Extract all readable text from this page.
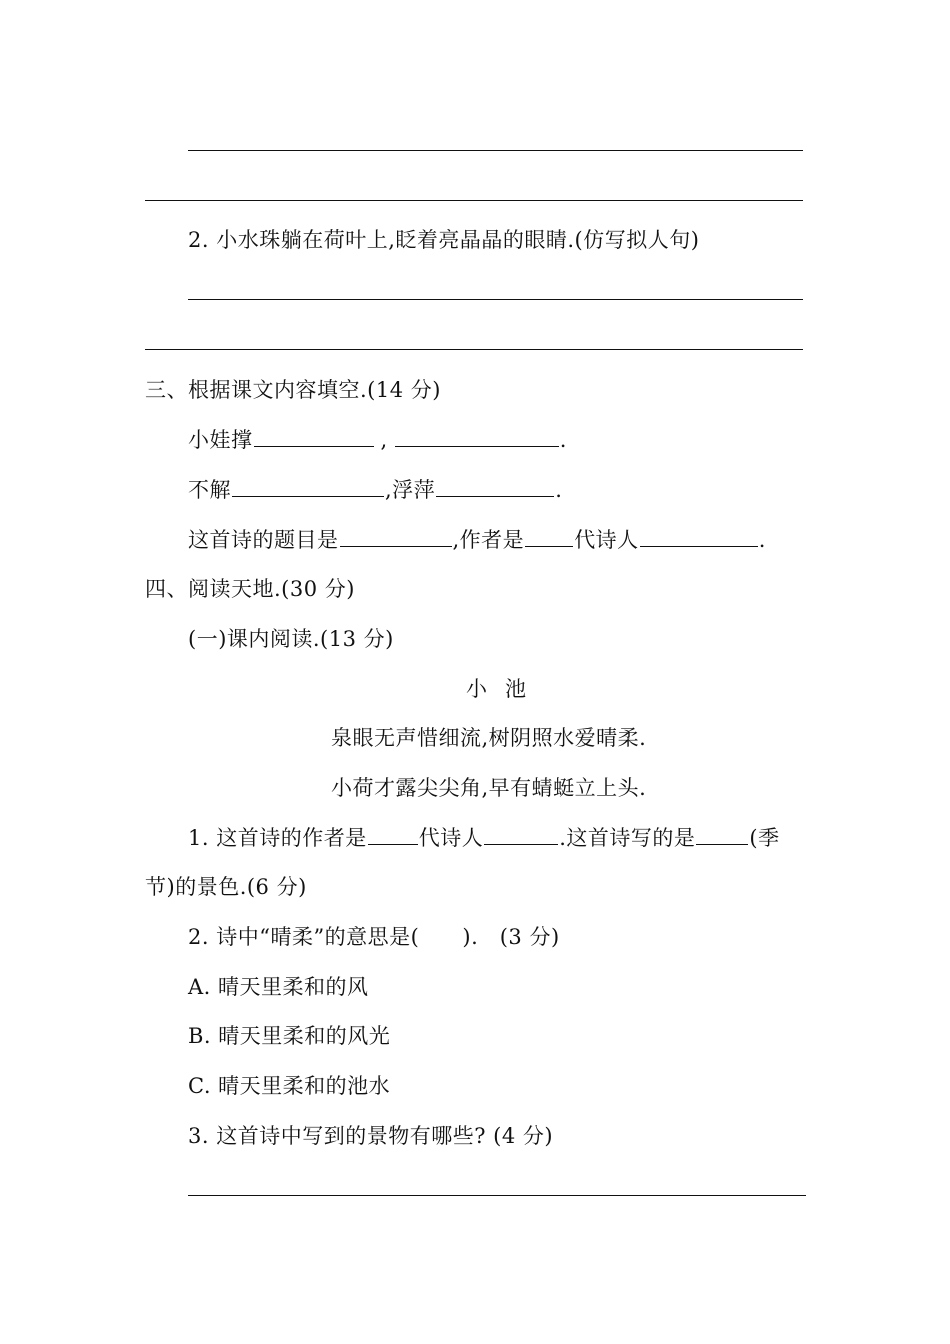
2. 小水珠躺在荷叶上,眨着亮晶晶的眼睛.(仿写拟人句)
三、根据课文内容填空.(14 分)
小娃撑	,	.
不解	,浮萍	.
这首诗的题目是	,作者是 代诗人	.
四、阅读天地.(30 分)
(一)课内阅读.(13 分)
小池
泉眼无声惜细流,树阴照水爱晴柔.
小荷才露尖尖角,早有蜻蜓立上头.
1. 这首诗的作者是 代诗人	.这首诗写的是	(季
节)的景色.(6 分)
2. 诗中“晴柔”的意思是(　　).　(3 分)
A. 晴天里柔和的风
B. 晴天里柔和的风光
C. 晴天里柔和的池水
3. 这首诗中写到的景物有哪些? (4 分)
